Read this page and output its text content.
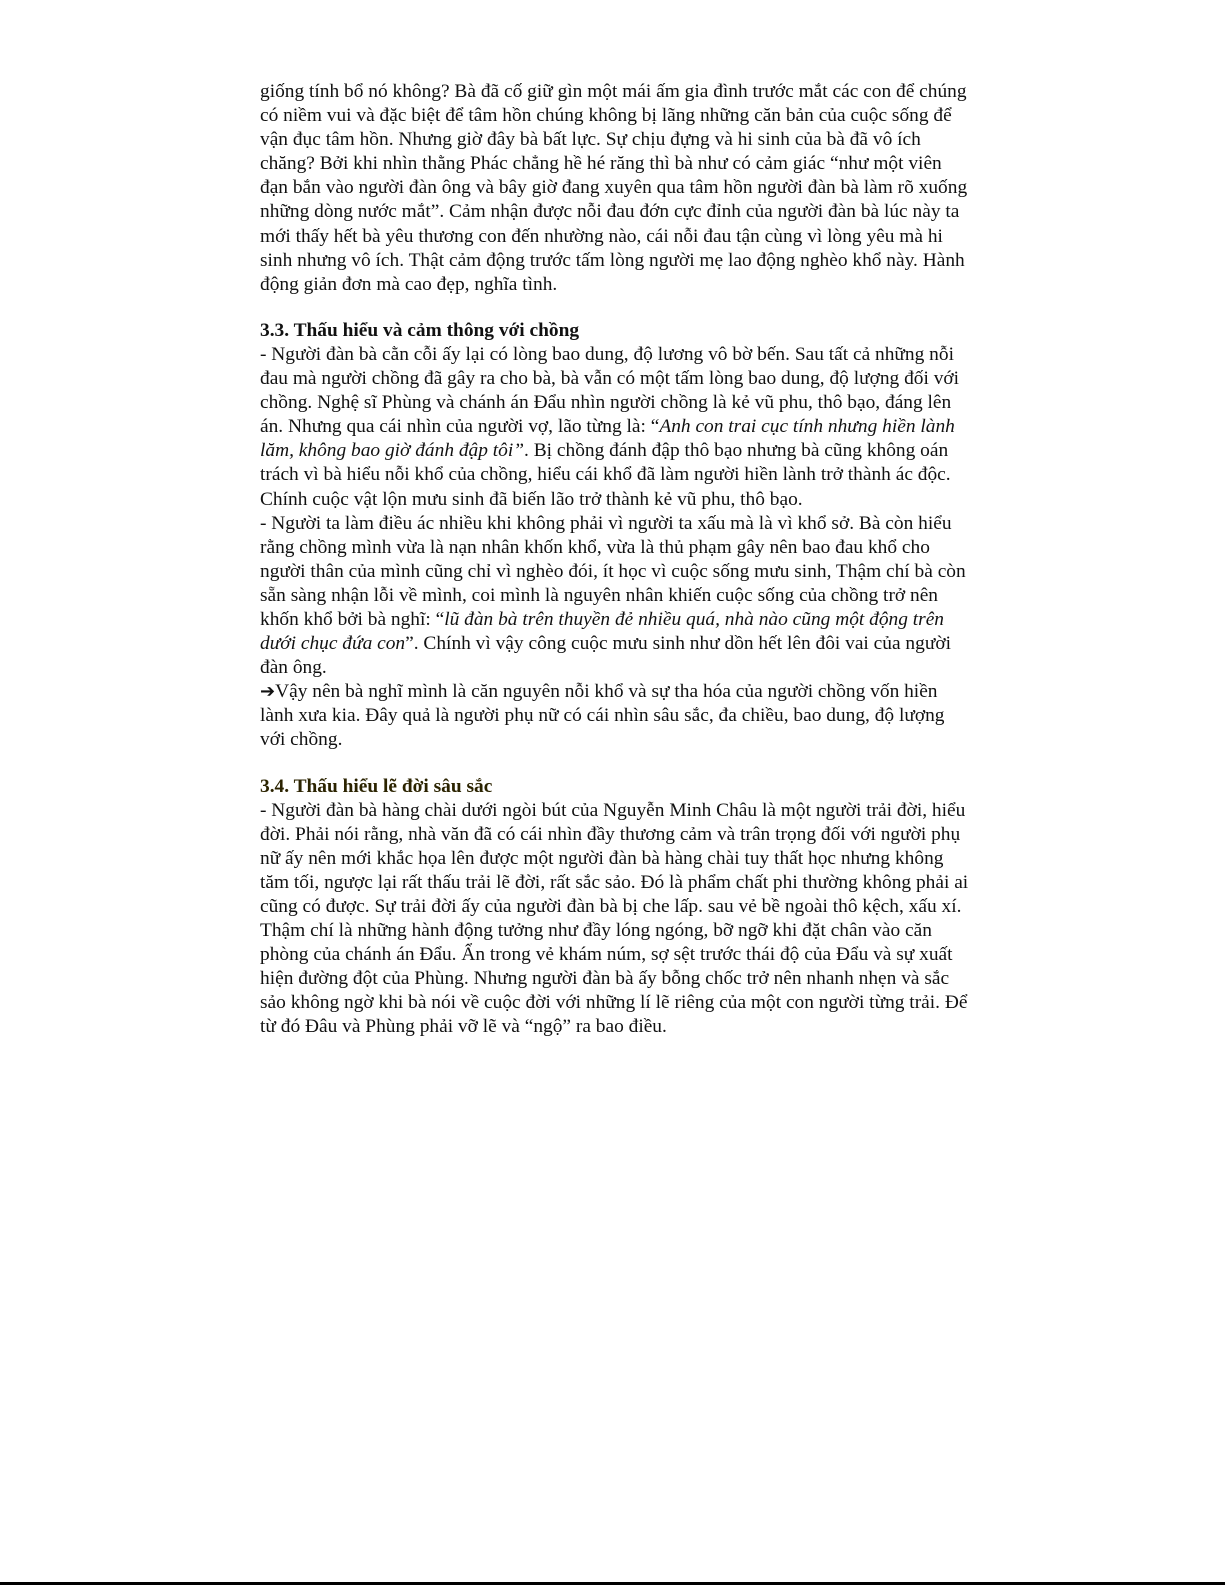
giống tính bổ nó không? Bà đã cố giữ gìn một mái ấm gia đình trước mắt các con để chúng có niềm vui và đặc biệt để tâm hồn chúng không bị lãng những căn bản của cuộc sống để vận đục tâm hồn. Nhưng giờ đây bà bất lực. Sự chịu đựng và hi sinh của bà đã vô ích chăng? Bởi khi nhìn thằng Phác chẳng hề hé răng thì bà như có cảm giác “như một viên đạn bắn vào người đàn ông và bây giờ đang xuyên qua tâm hồn người đàn bà làm rõ xuống những dòng nước mắt”. Cảm nhận được nỗi đau đớn cực đỉnh của người đàn bà lúc này ta mới thấy hết bà yêu thương con đến nhường nào, cái nỗi đau tận cùng vì lòng yêu mà hi sinh nhưng vô ích. Thật cảm động trước tấm lòng người mẹ lao động nghèo khổ này. Hành động giản đơn mà cao đẹp, nghĩa tình.

3.3. Thấu hiểu và cảm thông với chồng

- Người đàn bà cằn cỗi ấy lại có lòng bao dung, độ lương vô bờ bến. Sau tất cả những nỗi đau mà người chồng đã gây ra cho bà, bà vẫn có một tấm lòng bao dung, độ lượng đối với chồng. Nghệ sĩ Phùng và chánh án Đẩu nhìn người chồng là kẻ vũ phu, thô bạo, đáng lên án. Nhưng qua cái nhìn của người vợ, lão từng là: “Anh con trai cục tính nhưng hiền lành lăm, không bao giờ đánh đập tôi”. Bị chồng đánh đập thô bạo nhưng bà cũng không oán trách vì bà hiểu nỗi khổ của chồng, hiểu cái khổ đã làm người hiền lành trở thành ác độc. Chính cuộc vật lộn mưu sinh đã biến lão trở thành kẻ vũ phu, thô bạo.

- Người ta làm điều ác nhiều khi không phải vì người ta xấu mà là vì khổ sở. Bà còn hiểu rằng chồng mình vừa là nạn nhân khốn khổ, vừa là thủ phạm gây nên bao đau khổ cho người thân của mình cũng chỉ vì nghèo đói, ít học vì cuộc sống mưu sinh, Thậm chí bà còn sẵn sàng nhận lỗi về mình, coi mình là nguyên nhân khiến cuộc sống của chồng trở nên khốn khổ bởi bà nghĩ: “lũ đàn bà trên thuyền đẻ nhiều quá, nhà nào cũng một động trên dưới chục đứa con”. Chính vì vậy công cuộc mưu sinh như dồn hết lên đôi vai của người đàn ông.

➔Vậy nên bà nghĩ mình là căn nguyên nỗi khổ và sự tha hóa của người chồng vốn hiền lành xưa kia. Đây quả là người phụ nữ có cái nhìn sâu sắc, đa chiều, bao dung, độ lượng với chồng.

3.4. Thấu hiểu lẽ đời sâu sắc

- Người đàn bà hàng chài dưới ngòi bút của Nguyễn Minh Châu là một người trải đời, hiểu đời. Phải nói rằng, nhà văn đã có cái nhìn đầy thương cảm và trân trọng đối với người phụ nữ ấy nên mới khắc họa lên được một người đàn bà hàng chài tuy thất học nhưng không tăm tối, ngược lại rất thấu trải lẽ đời, rất sắc sảo. Đó là phẩm chất phi thường không phải ai cũng có được. Sự trải đời ấy của người đàn bà bị che lấp. sau vẻ bề ngoài thô kệch, xấu xí. Thậm chí là những hành động tưởng như đầy lóng ngóng, bỡ ngỡ khi đặt chân vào căn phòng của chánh án Đẩu. Ẩn trong vẻ khám núm, sợ sệt trước thái độ của Đẩu và sự xuất hiện đường đột của Phùng. Nhưng người đàn bà ấy bỗng chốc trở nên nhanh nhẹn và sắc sảo không ngờ khi bà nói về cuộc đời với những lí lẽ riêng của một con người từng trải. Để từ đó Đâu và Phùng phải vỡ lẽ và “ngộ” ra bao điều.
